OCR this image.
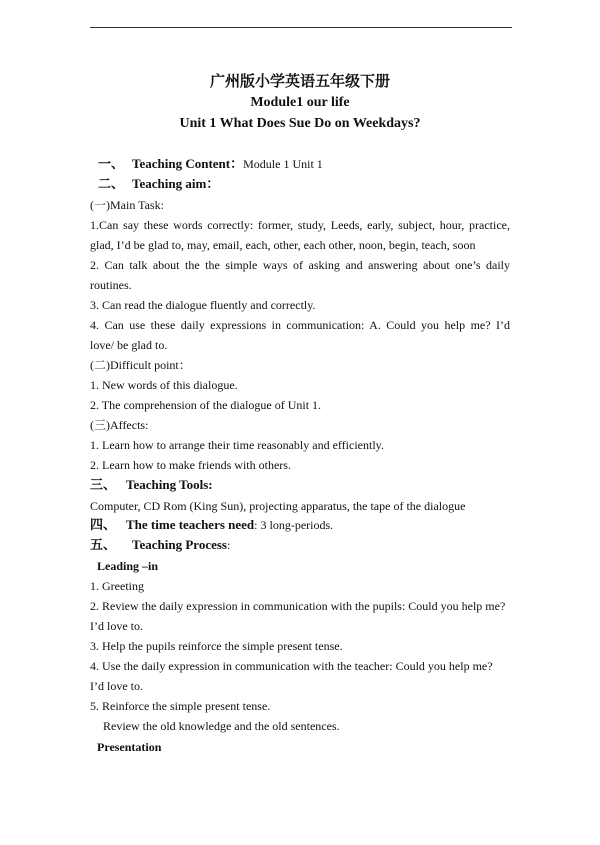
广州版小学英语五年级下册
Module1 our life
Unit 1 What Does Sue Do on Weekdays?
一、 Teaching Content：Module 1 Unit 1
二、 Teaching aim：
(一)Main Task:
1.Can say these words correctly: former, study, Leeds, early, subject, hour, practice,
glad, I’d be glad to, may, email, each, other, each other, noon, begin, teach, soon
2. Can talk about the the simple ways of asking and answering about one’s daily
routines.
3. Can read the dialogue fluently and correctly.
4. Can use these daily expressions in communication: A. Could you help me? I’d
love/ be glad to.
(二)Difficult point：
1. New words of this dialogue.
2. The comprehension of the dialogue of Unit 1.
(三)Affects:
1. Learn how to arrange their time reasonably and efficiently.
2. Learn how to make friends with others.
三、 Teaching Tools:
Computer, CD Rom (King Sun), projecting apparatus, the tape of the dialogue
四、 The time teachers need: 3 long-periods.
五、 Teaching Process:
Leading –in
1. Greeting
2. Review the daily expression in communication with the pupils: Could you help me?
I’d love to.
3. Help the pupils reinforce the simple present tense.
4. Use the daily expression in communication with the teacher: Could you help me?
I’d love to.
5. Reinforce the simple present tense.
Review the old knowledge and the old sentences.
Presentation
